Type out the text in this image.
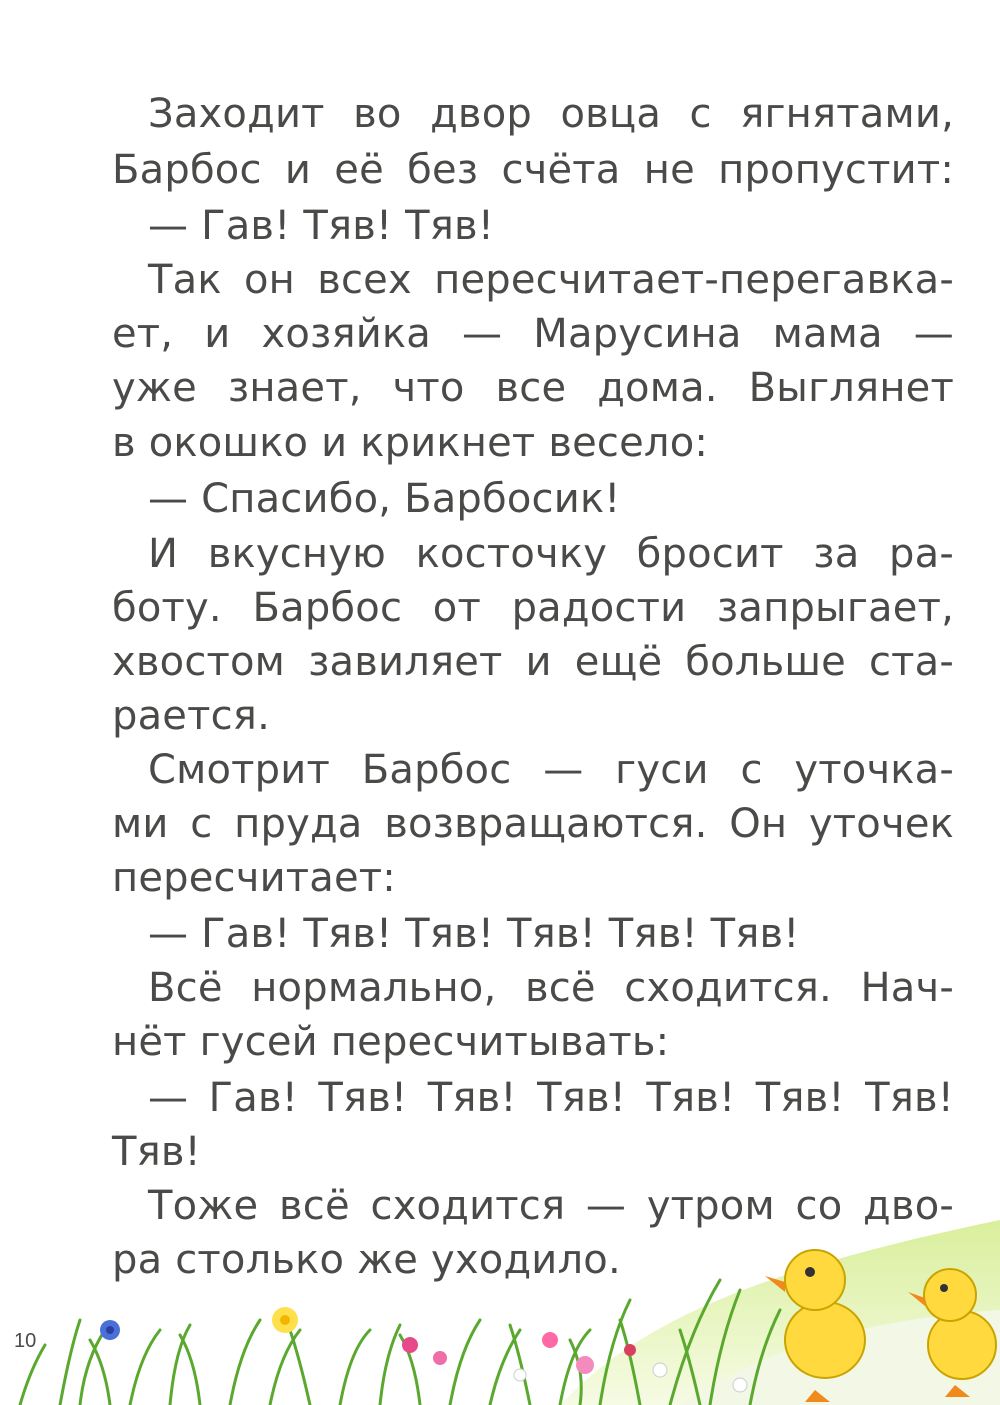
Заходит во двор овца с ягнятами,
Барбос и её без счёта не пропустит:
— Гав! Тяв! Тяв!
Так он всех пересчитает-перегавка-
ет, и хозяйка — Марусина мама —
уже знает, что все дома. Выглянет
в окошко и крикнет весело:
— Спасибо, Барбосик!
И вкусную косточку бросит за ра-
боту. Барбос от радости запрыгает,
хвостом завиляет и ещё больше ста-
рается.
Смотрит Барбос — гуси с уточка-
ми с пруда возвращаются. Он уточек
пересчитает:
— Гав! Тяв! Тяв! Тяв! Тяв! Тяв!
Всё нормально, всё сходится. Нач-
нёт гусей пересчитывать:
— Гав! Тяв! Тяв! Тяв! Тяв! Тяв! Тяв!
Тяв!
Тоже всё сходится — утром со дво-
ра столько же уходило.
10
